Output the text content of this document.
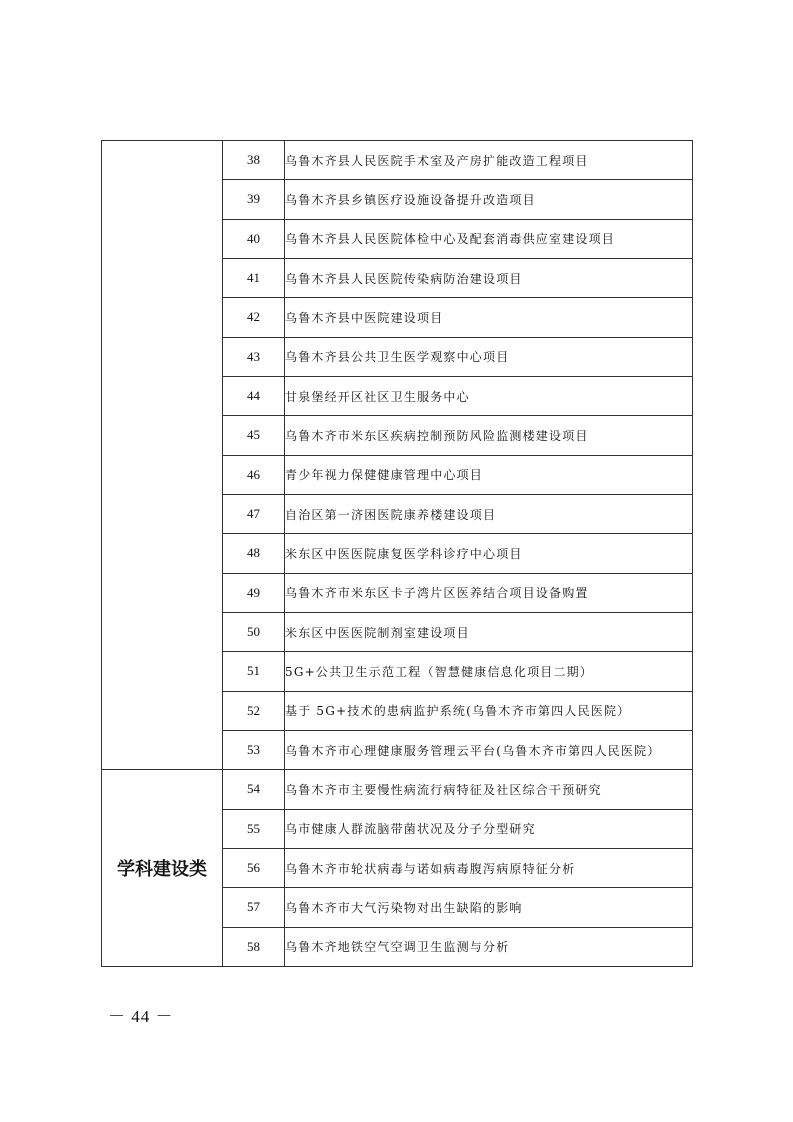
	38	乌鲁木齐县人民医院手术室及产房扩能改造工程项目
	39	乌鲁木齐县乡镇医疗设施设备提升改造项目
	40	乌鲁木齐县人民医院体检中心及配套消毒供应室建设项目
	41	乌鲁木齐县人民医院传染病防治建设项目
	42	乌鲁木齐县中医院建设项目
	43	乌鲁木齐县公共卫生医学观察中心项目
	44	甘泉堡经开区社区卫生服务中心
	45	乌鲁木齐市米东区疾病控制预防风险监测楼建设项目
	46	青少年视力保健健康管理中心项目
	47	自治区第一济困医院康养楼建设项目
	48	米东区中医医院康复医学科诊疗中心项目
	49	乌鲁木齐市米东区卡子湾片区医养结合项目设备购置
	50	米东区中医医院制剂室建设项目
	51	5G+公共卫生示范工程（智慧健康信息化项目二期）
	52	基于 5G+技术的患病监护系统(乌鲁木齐市第四人民医院）
	53	乌鲁木齐市心理健康服务管理云平台(乌鲁木齐市第四人民医院）
学科建设类	54	乌鲁木齐市主要慢性病流行病特征及社区综合干预研究
	55	乌市健康人群流脑带菌状况及分子分型研究
	56	乌鲁木齐市轮状病毒与诺如病毒腹泻病原特征分析
	57	乌鲁木齐市大气污染物对出生缺陷的影响
	58	乌鲁木齐地铁空气空调卫生监测与分析
－ 44 －
